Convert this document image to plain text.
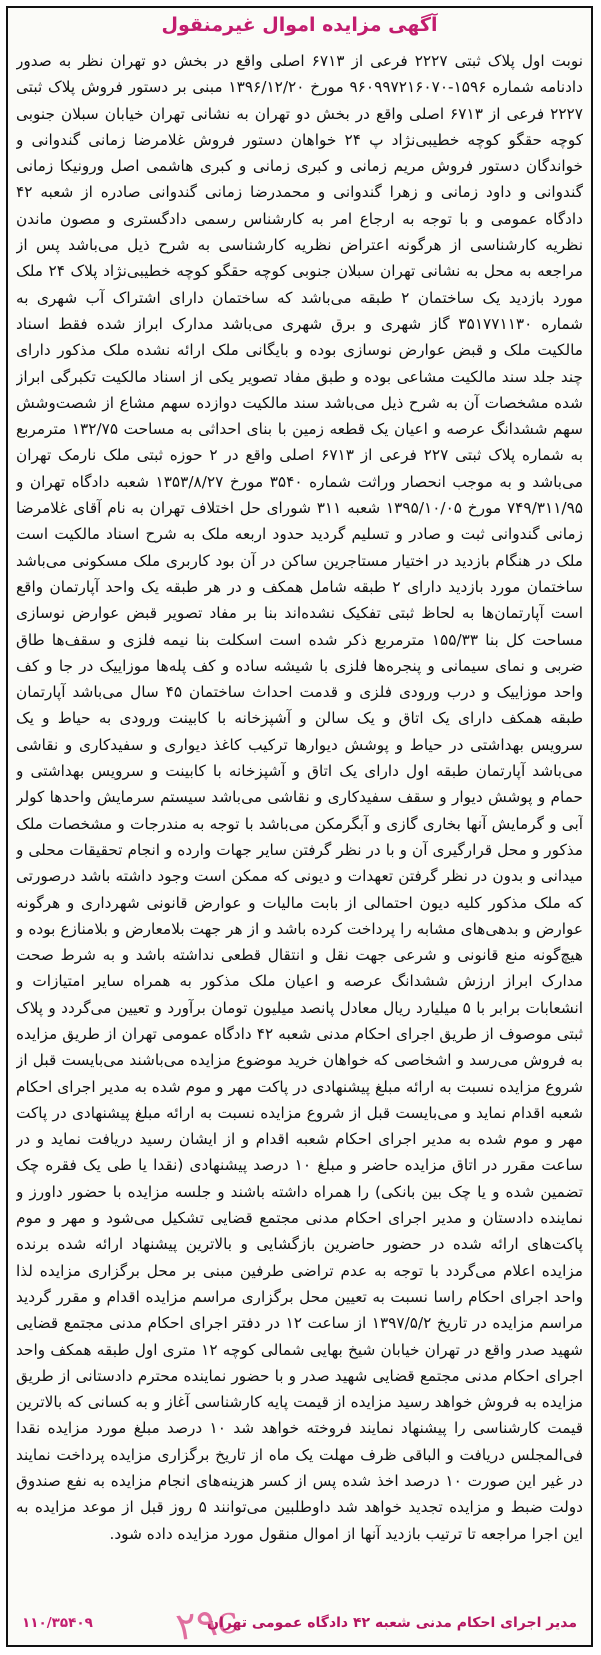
آگهی مزایده اموال غیرمنقول
نوبت اول پلاک ثبتی ۲۲۲۷ فرعی از ۶۷۱۳ اصلی واقع در بخش دو تهران نظر به صدور دادنامه شماره ۱۵۹۶-۹۶۰۹۹۷۲۱۶۰۷۰ مورخ ۱۳۹۶/۱۲/۲۰ مبنی بر دستور فروش پلاک ثبتی ۲۲۲۷ فرعی از ۶۷۱۳ اصلی واقع در بخش دو تهران به نشانی تهران خیابان سبلان جنوبی کوچه حقگو کوچه خطیبی‌نژاد پ ۲۴ خواهان دستور فروش غلامرضا زمانی گندوانی و خواندگان دستور فروش مریم زمانی و کبری زمانی و کبری هاشمی اصل ورونیکا زمانی گندوانی و داود زمانی و زهرا گندوانی و محمدرضا زمانی گندوانی صادره از شعبه ۴۲ دادگاه عمومی و با توجه به ارجاع امر به کارشناس رسمی دادگستری و مصون ماندن نظریه کارشناسی از هرگونه اعتراض نظریه کارشناسی به شرح ذیل می‌باشد پس از مراجعه به محل به نشانی تهران سبلان جنوبی کوچه حقگو کوچه خطیبی‌نژاد پلاک ۲۴ ملک مورد بازدید یک ساختمان ۲ طبقه می‌باشد که ساختمان دارای اشتراک آب شهری به شماره ۳۵۱۷۷۱۱۳۰ گاز شهری و برق شهری می‌باشد مدارک ابراز شده فقط اسناد مالکیت ملک و قبض عوارض نوسازی بوده و بایگانی ملک ارائه نشده ملک مذکور دارای چند جلد سند مالکیت مشاعی بوده و طبق مفاد تصویر یکی از اسناد مالکیت تکبرگی ابراز شده مشخصات آن به شرح ذیل می‌باشد سند مالکیت دوازده سهم مشاع از شصت‌وشش سهم ششدانگ عرصه و اعیان یک قطعه زمین با بنای احداثی به مساحت ۱۳۲/۷۵ مترمربع به شماره پلاک ثبتی ۲۲۷ فرعی از ۶۷۱۳ اصلی واقع در ۲ حوزه ثبتی ملک نارمک تهران می‌باشد و به موجب انحصار وراثت شماره ۳۵۴۰ مورخ ۱۳۵۳/۸/۲۷ شعبه دادگاه تهران و ۷۴۹/۳۱۱/۹۵ مورخ ۱۳۹۵/۱۰/۰۵ شعبه ۳۱۱ شورای حل اختلاف تهران به نام آقای غلامرضا زمانی گندوانی ثبت و صادر و تسلیم گردید حدود اربعه ملک به شرح اسناد مالکیت است ملک در هنگام بازدید در اختیار مستاجرین ساکن در آن بود کاربری ملک مسکونی می‌باشد ساختمان مورد بازدید دارای ۲ طبقه شامل همکف و در هر طبقه یک واحد آپارتمان واقع است آپارتمان‌ها به لحاظ ثبتی تفکیک نشده‌اند بنا بر مفاد تصویر قبض عوارض نوسازی مساحت کل بنا ۱۵۵/۳۳ مترمربع ذکر شده است اسکلت بنا نیمه فلزی و سقف‌ها طاق ضربی و نمای سیمانی و پنجره‌ها فلزی با شیشه ساده و کف پله‌ها موزاییک در جا و کف واحد موزاییک و درب ورودی فلزی و قدمت احداث ساختمان ۴۵ سال می‌باشد آپارتمان طبقه همکف دارای یک اتاق و یک سالن و آشپزخانه با کابینت ورودی به حیاط و یک سرویس بهداشتی در حیاط و پوشش دیوارها ترکیب کاغذ دیواری و سفیدکاری و نقاشی می‌باشد آپارتمان طبقه اول دارای یک اتاق و آشپزخانه با کابینت و سرویس بهداشتی و حمام و پوشش دیوار و سقف سفیدکاری و نقاشی می‌باشد سیستم سرمایش واحدها کولر آبی و گرمایش آنها بخاری گازی و آبگرمکن می‌باشد با توجه به مندرجات و مشخصات ملک مذکور و محل قرارگیری آن و با در نظر گرفتن سایر جهات وارده و انجام تحقیقات محلی و میدانی و بدون در نظر گرفتن تعهدات و دیونی که ممکن است وجود داشته باشد درصورتی که ملک مذکور کلیه دیون احتمالی از بابت مالیات و عوارض قانونی شهرداری و هرگونه عوارض و بدهی‌های مشابه را پرداخت کرده باشد و از هر جهت بلامعارض و بلامنازع بوده و هیچ‌گونه منع قانونی و شرعی جهت نقل و انتقال قطعی نداشته باشد و به شرط صحت مدارک ابراز ارزش ششدانگ عرصه و اعیان ملک مذکور به همراه سایر امتیازات و انشعابات برابر با ۵ میلیارد ریال معادل پانصد میلیون تومان برآورد و تعیین می‌گردد و پلاک ثبتی موصوف از طریق اجرای احکام مدنی شعبه ۴۲ دادگاه عمومی تهران از طریق مزایده به فروش می‌رسد و اشخاصی که خواهان خرید موضوع مزایده می‌باشند می‌بایست قبل از شروع مزایده نسبت به ارائه مبلغ پیشنهادی در پاکت مهر و موم شده به مدیر اجرای احکام شعبه اقدام نماید و می‌بایست قبل از شروع مزایده نسبت به ارائه مبلغ پیشنهادی در پاکت مهر و موم شده به مدیر اجرای احکام شعبه اقدام و از ایشان رسید دریافت نماید و در ساعت مقرر در اتاق مزایده حاضر و مبلغ ۱۰ درصد پیشنهادی (نقدا یا طی یک فقره چک تضمین شده و یا چک بین بانکی) را همراه داشته باشند و جلسه مزایده با حضور داورز و نماینده دادستان و مدیر اجرای احکام مدنی مجتمع قضایی تشکیل می‌شود و مهر و موم پاکت‌های ارائه شده در حضور حاضرین بازگشایی و بالاترین پیشنهاد ارائه شده برنده مزایده اعلام می‌گردد با توجه به عدم تراضی طرفین مبنی بر محل برگزاری مزایده لذا واحد اجرای احکام راسا نسبت به تعیین محل برگزاری مراسم مزایده اقدام و مقرر گردید مراسم مزایده در تاریخ ۱۳۹۷/۵/۲ از ساعت ۱۲ در دفتر اجرای احکام مدنی مجتمع قضایی شهید صدر واقع در تهران خیابان شیخ بهایی شمالی کوچه ۱۲ متری اول طبقه همکف واحد اجرای احکام مدنی مجتمع قضایی شهید صدر و با حضور نماینده محترم دادستانی از طریق مزایده به فروش خواهد رسید مزایده از قیمت پایه کارشناسی آغاز و به کسانی که بالاترین قیمت کارشناسی را پیشنهاد نمایند فروخته خواهد شد ۱۰ درصد مبلغ مورد مزایده نقدا فی‌المجلس دریافت و الباقی ظرف مهلت یک ماه از تاریخ برگزاری مزایده پرداخت نمایند در غیر این صورت ۱۰ درصد اخذ شده پس از کسر هزینه‌های انجام مزایده به نفع صندوق دولت ضبط و مزایده تجدید خواهد شد داوطلبین می‌توانند ۵ روز قبل از موعد مزایده به این اجرا مراجعه تا ترتیب بازدید آنها از اموال منقول مورد مزایده داده شود.
۲۹c
۱۱۰/۳۵۴۰۹	مدیر اجرای احکام مدنی شعبه ۴۲ دادگاه عمومی تهران
